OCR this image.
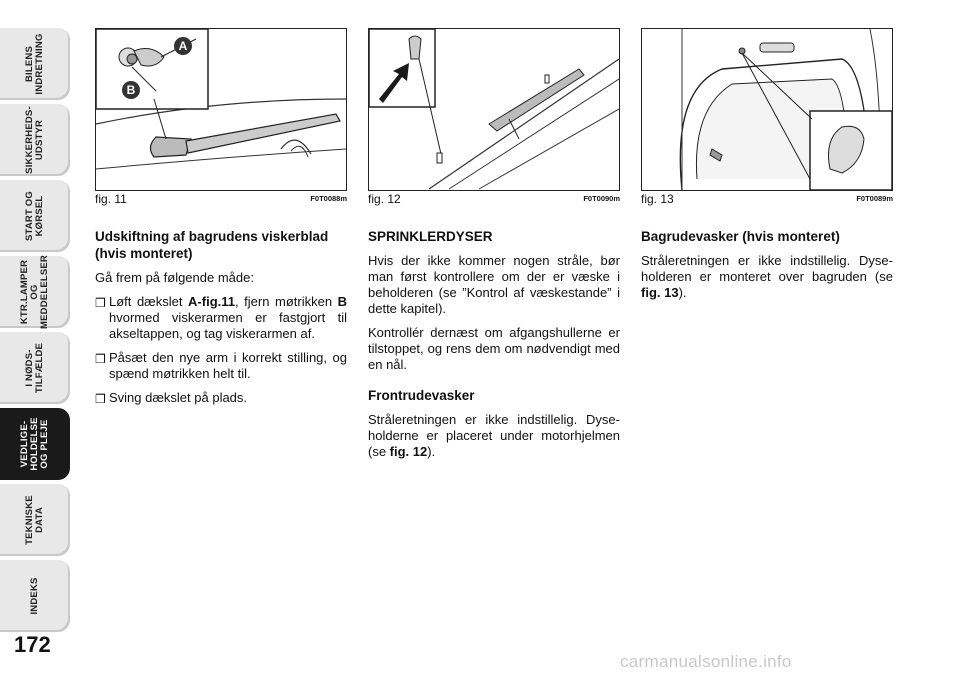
BILENS
INDRETNING
SIKKERHEDS-
UDSTYR
START OG
KØRSEL
KTR.LAMPER
OG
MEDDELELSER
I NØDS-
TILFÆLDE
VEDLIGE-
HOLDELSE
OG PLEJE
TEKNISKE
DATA
INDEKS
172
A
B
fig. 11	F0T0088m fig. 12	F0T0090m fig. 13	F0T0089m
Udskiftning af bagrudens viskerblad (hvis monteret)

Gå frem på følgende måde:

❒ Løft dækslet A-fig.11, fjern møtrikken B hvormed viskerarmen er fastgjort til akseltappen, og tag viskerarmen af.
❒ Påsæt den nye arm i korrekt stilling, og spænd møtrikken helt til.
❒ Sving dækslet på plads.
SPRINKLERDYSER

Hvis der ikke kommer nogen stråle, bør man først kontrollere om der er væske i beholderen (se ”Kontrol af væskestande” i dette kapitel).

Kontrollér dernæst om afgangshullerne er tilstoppet, og rens dem om nødvendigt med en nål.

Frontrudevasker

Stråleretningen er ikke indstillelig. Dyse-holderne er placeret under motorhjelmen (se fig. 12).

Bagrudevasker (hvis monteret)

Stråleretningen er ikke indstillelig. Dyse-holderen er monteret over bagruden (se fig. 13).

carmanualsonline.info
